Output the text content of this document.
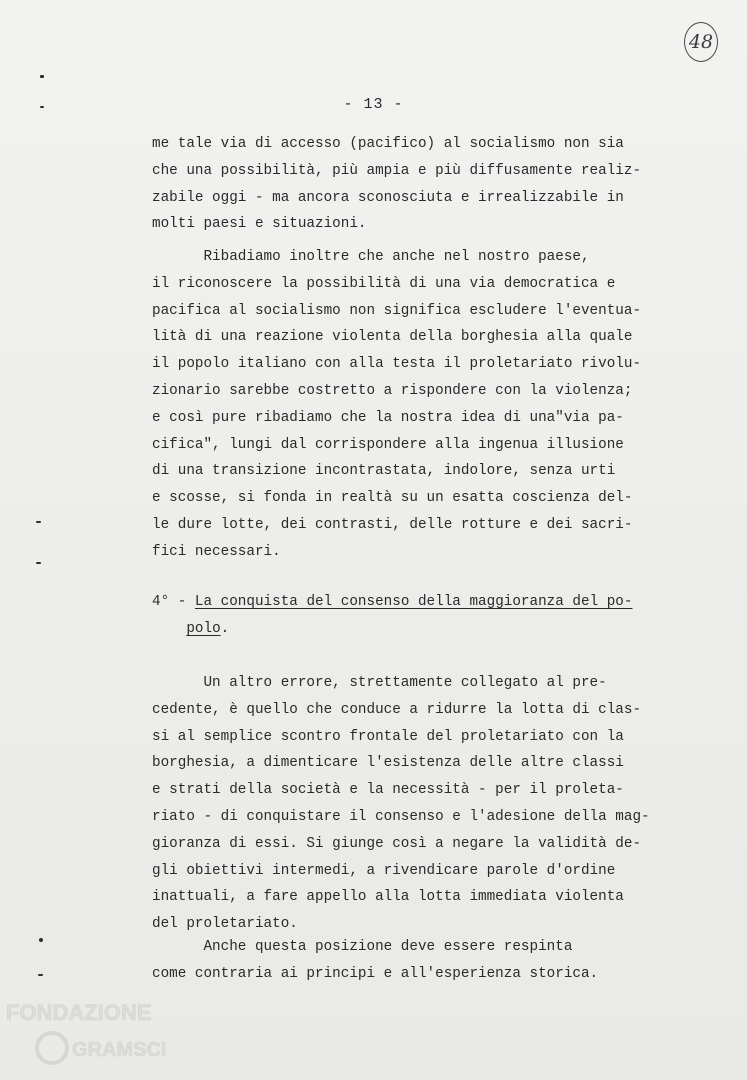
48
- 13 -
me tale via di accesso (pacifico) al socialismo non sia
che una possibilità, più ampia e più diffusamente realiz-
zabile oggi - ma ancora sconosciuta e irrealizzabile in
molti paesi e situazioni.
Ribadiamo inoltre che anche nel nostro paese,
il riconoscere la possibilità di una via democratica e
pacifica al socialismo non significa escludere l'eventua-
lità di una reazione violenta della borghesia alla quale
il popolo italiano con alla testa il proletariato rivolu-
zionario sarebbe costretto a rispondere con la violenza;
e così pure ribadiamo che la nostra idea di una"via pa-
cifica", lungi dal corrispondere alla ingenua illusione
di una transizione incontrastata, indolore, senza urti
e scosse, si fonda in realtà su un esatta coscienza del-
le dure lotte, dei contrasti, delle rotture e dei sacri-
fici necessari.
4° - La conquista del consenso della maggioranza del po-
polo.
Un altro errore, strettamente collegato al pre-
cedente, è quello che conduce a ridurre la lotta di clas-
si al semplice scontro frontale del proletariato con la
borghesia, a dimenticare l'esistenza delle altre classi
e strati della società e la necessità - per il proleta-
riato - di conquistare il consenso e l'adesione della mag-
gioranza di essi. Si giunge così a negare la validità de-
gli obiettivi intermedi, a rivendicare parole d'ordine
inattuali, a fare appello alla lotta immediata violenta
del proletariato.
Anche questa posizione deve essere respinta
come contraria ai principi e all'esperienza storica.
FONDAZIONE
GRAMSCI
